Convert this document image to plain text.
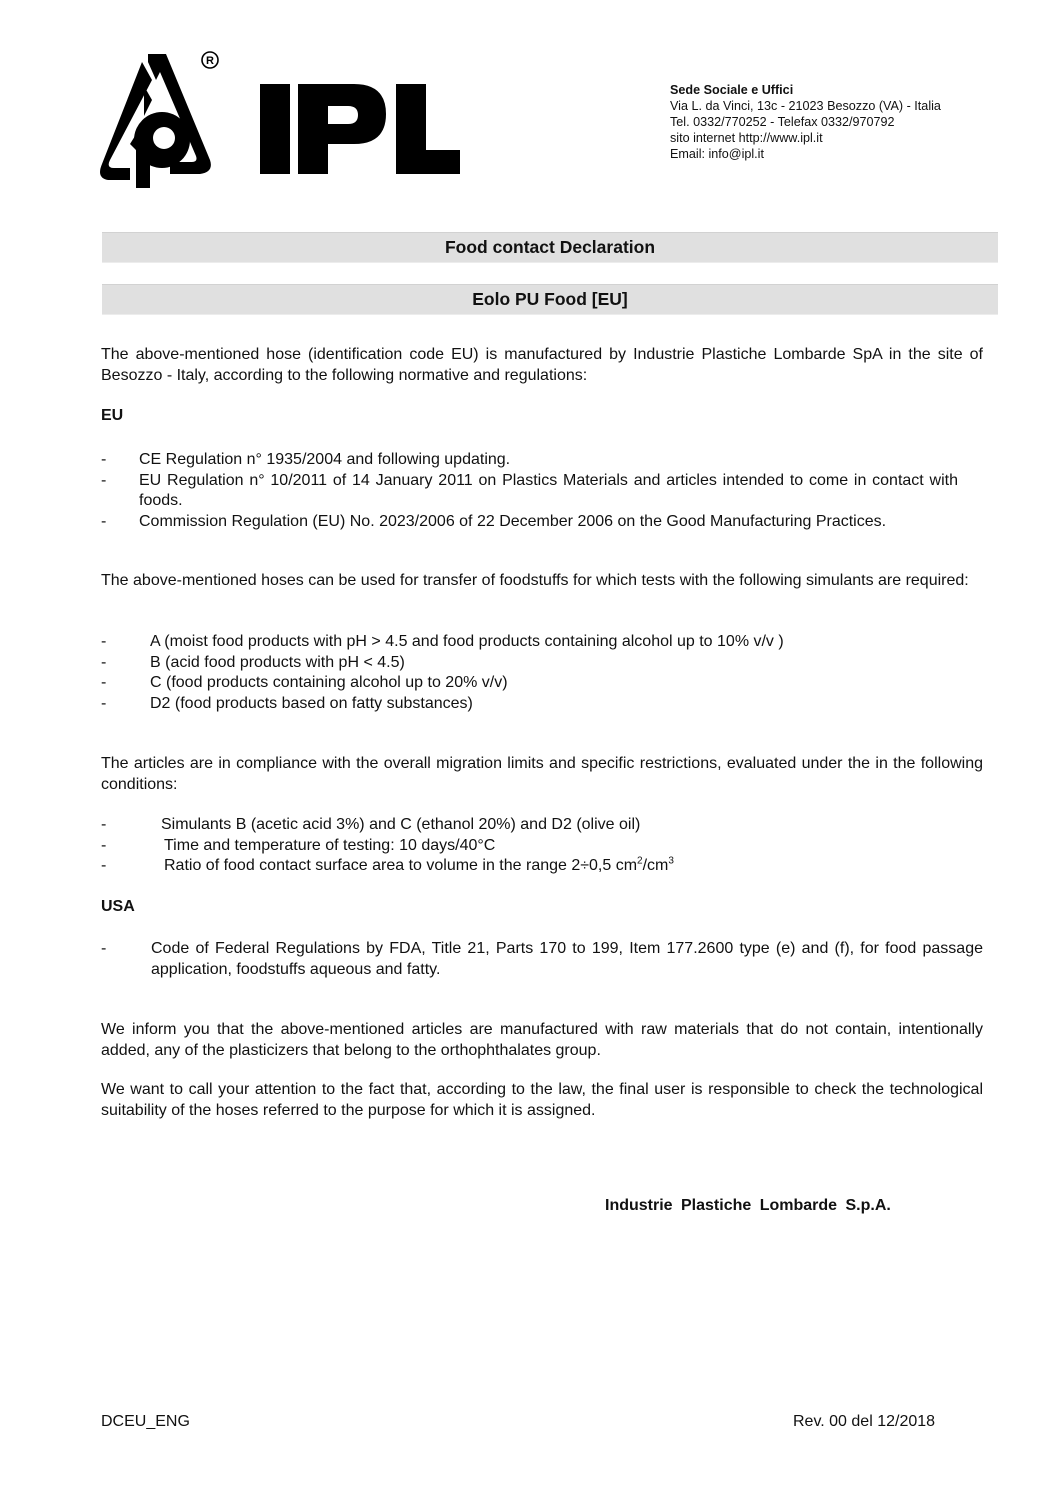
R
Sede Sociale e Uffici
Via L. da Vinci, 13c - 21023 Besozzo (VA) - Italia
Tel. 0332/770252 - Telefax 0332/970792
sito internet http://www.ipl.it
Email: info@ipl.it
Food contact Declaration
Eolo PU Food [EU]
The above-mentioned hose (identification code EU) is manufactured by Industrie Plastiche Lombarde SpA in the site of Besozzo - Italy, according to the following normative and regulations:
EU
- CE Regulation n° 1935/2004 and following updating.
- EU Regulation n° 10/2011 of 14 January 2011 on Plastics Materials and articles intended to come in contact with foods.
- Commission Regulation (EU) No. 2023/2006 of 22 December 2006 on the Good Manufacturing Practices.
The above-mentioned hoses can be used for transfer of foodstuffs for which tests with the following simulants are required:
-	A (moist food products with pH > 4.5 and food products containing alcohol up to 10% v/v )
-	B (acid food products with pH < 4.5)
-	C (food products containing alcohol up to 20% v/v)
-	D2 (food products based on fatty substances)
The articles are in compliance with the overall migration limits and specific restrictions, evaluated under the in the following conditions:
-	Simulants B (acetic acid 3%) and C (ethanol 20%) and D2 (olive oil)
-	Time and temperature of testing: 10 days/40°C
-	Ratio of food contact surface area to volume in the range 2÷0,5 $cm^2/cm^3$
USA
-	Code of Federal Regulations by FDA, Title 21, Parts 170 to 199, Item 177.2600 type (e) and (f), for food passage application, foodstuffs aqueous and fatty.
We inform you that the above-mentioned articles are manufactured with raw materials that do not contain, intentionally added, any of the plasticizers that belong to the orthophthalates group.
We want to call your attention to the fact that, according to the law, the final user is responsible to check the technological suitability of the hoses referred to the purpose for which it is assigned.
Industrie Plastiche Lombarde S.p.A.
DCEU_ENG	Rev. 00 del 12/2018
